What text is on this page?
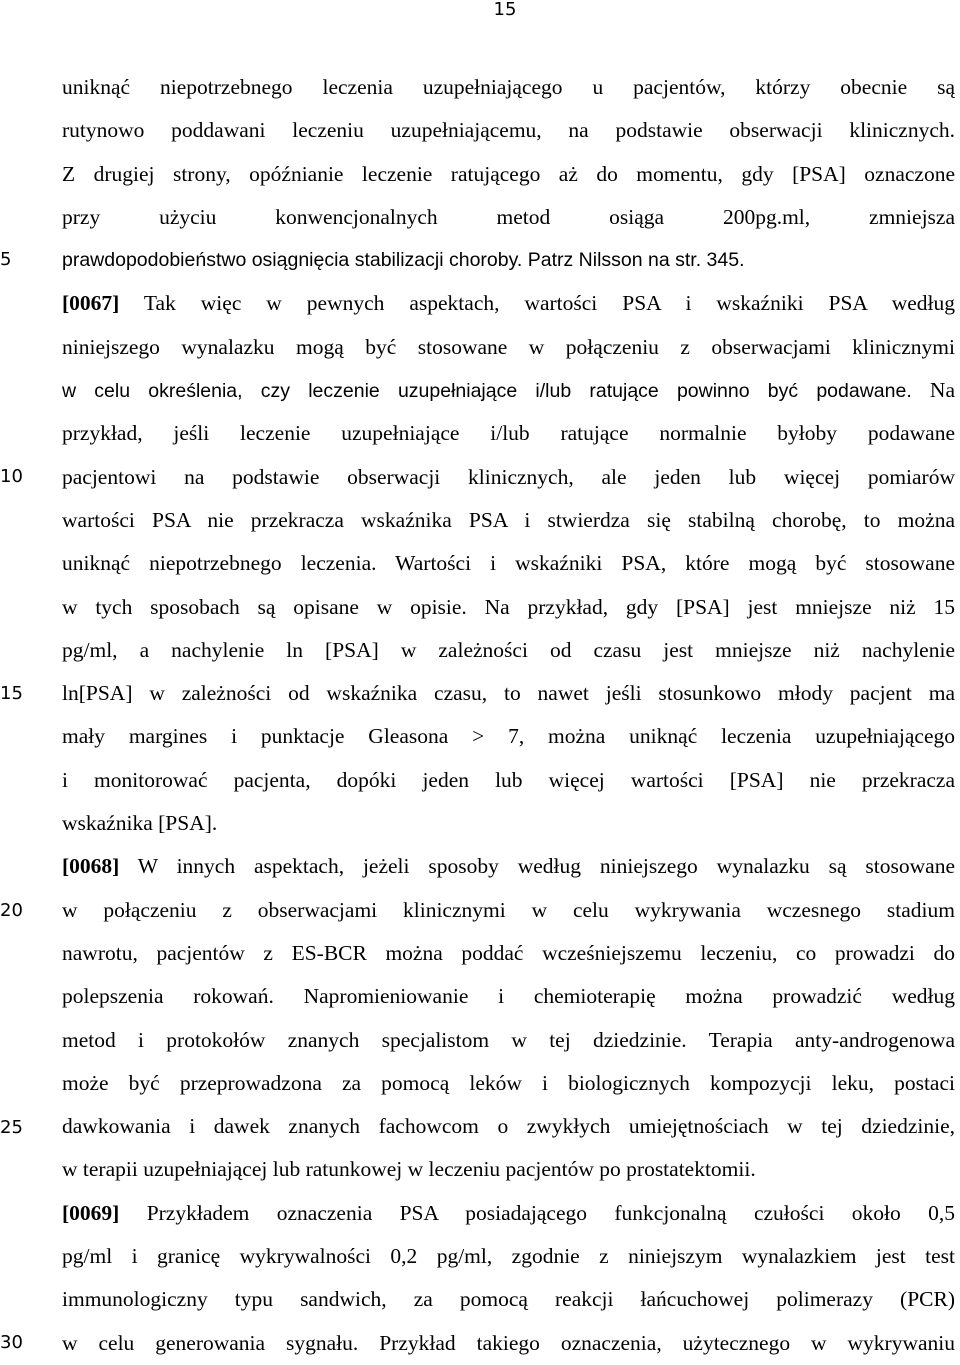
15
5
10
15
20
25
30
uniknąć niepotrzebnego leczenia uzupełniającego u pacjentów, którzy obecnie są
rutynowo poddawani leczeniu uzupełniającemu, na podstawie obserwacji klinicznych.
Z drugiej strony, opóźnianie leczenie ratującego aż do momentu, gdy [PSA] oznaczone
przy użyciu konwencjonalnych metod osiąga 200pg.ml, zmniejsza
prawdopodobieństwo osiągnięcia stabilizacji choroby. Patrz Nilsson na str. 345.
[0067] Tak więc w pewnych aspektach, wartości PSA i wskaźniki PSA według
niniejszego wynalazku mogą być stosowane w połączeniu z obserwacjami klinicznymi
w celu określenia, czy leczenie uzupełniające i/lub ratujące powinno być podawane. Na
przykład, jeśli leczenie uzupełniające i/lub ratujące normalnie byłoby podawane
pacjentowi na podstawie obserwacji klinicznych, ale jeden lub więcej pomiarów
wartości PSA nie przekracza wskaźnika PSA i stwierdza się stabilną chorobę, to można
uniknąć niepotrzebnego leczenia. Wartości i wskaźniki PSA, które mogą być stosowane
w tych sposobach są opisane w opisie. Na przykład, gdy [PSA] jest mniejsze niż 15
pg/ml, a nachylenie ln [PSA] w zależności od czasu jest mniejsze niż nachylenie
ln[PSA] w zależności od wskaźnika czasu, to nawet jeśli stosunkowo młody pacjent ma
mały margines i punktacje Gleasona > 7, można uniknąć leczenia uzupełniającego
i monitorować pacjenta, dopóki jeden lub więcej wartości [PSA] nie przekracza
wskaźnika [PSA].
[0068] W innych aspektach, jeżeli sposoby według niniejszego wynalazku są stosowane
w połączeniu z obserwacjami klinicznymi w celu wykrywania wczesnego stadium
nawrotu, pacjentów z ES-BCR można poddać wcześniejszemu leczeniu, co prowadzi do
polepszenia rokowań. Napromieniowanie i chemioterapię można prowadzić według
metod i protokołów znanych specjalistom w tej dziedzinie. Terapia anty-androgenowa
może być przeprowadzona za pomocą leków i biologicznych kompozycji leku, postaci
dawkowania i dawek znanych fachowcom o zwykłych umiejętnościach w tej dziedzinie,
w terapii uzupełniającej lub ratunkowej w leczeniu pacjentów po prostatektomii.
[0069] Przykładem oznaczenia PSA posiadającego funkcjonalną czułości około 0,5
pg/ml i granicę wykrywalności 0,2 pg/ml, zgodnie z niniejszym wynalazkiem jest test
immunologiczny typu sandwich, za pomocą reakcji łańcuchowej polimerazy (PCR)
w celu generowania sygnału. Przykład takiego oznaczenia, użytecznego w wykrywaniu
